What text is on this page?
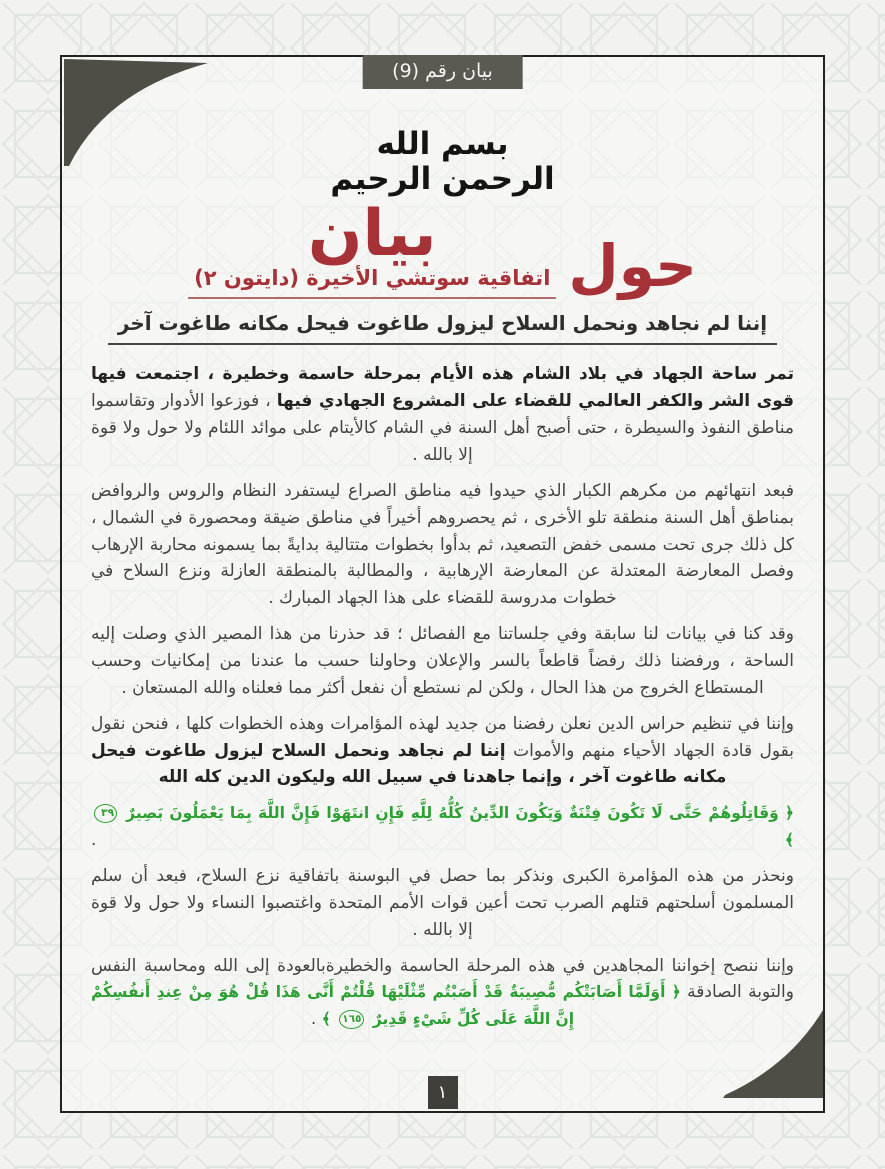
بيان رقم (9)
بسم الله الرحمن الرحيم
حول
بيان
اتفاقية سوتشي الأخيرة (دايتون ٢)
إننا لم نجاهد ونحمل السلاح ليزول طاغوت فيحل مكانه طاغوت آخر

تمر ساحة الجهاد في بلاد الشام هذه الأيام بمرحلة حاسمة وخطيرة ، اجتمعت فيها قوى الشر والكفر العالمي للقضاء على المشروع الجهادي فيها ، فوزعوا الأدوار وتقاسموا مناطق النفوذ والسيطرة ، حتى أصبح أهل السنة في الشام كالأيتام على موائد اللئام ولا حول ولا قوة إلا بالله .

فبعد انتهائهم من مكرهم الكبار الذي حيدوا فيه مناطق الصراع ليستفرد النظام والروس والروافض بمناطق أهل السنة منطقة تلو الأخرى ، ثم يحصروهم أخيراً في مناطق ضيقة ومحصورة في الشمال ، كل ذلك جرى تحت مسمى خفض التصعيد، ثم بدأوا بخطوات متتالية بدايةً بما يسمونه محاربة الإرهاب وفصل المعارضة المعتدلة عن المعارضة الإرهابية ، والمطالبة بالمنطقة العازلة ونزع السلاح في خطوات مدروسة للقضاء على هذا الجهاد المبارك .

وقد كنا في بيانات لنا سابقة وفي جلساتنا مع الفصائل ؛ قد حذرنا من هذا المصير الذي وصلت إليه الساحة ، ورفضنا ذلك رفضاً قاطعاً بالسر والإعلان وحاولنا حسب ما عندنا من إمكانيات وحسب المستطاع الخروج من هذا الحال ، ولكن لم نستطع أن نفعل أكثر مما فعلناه والله المستعان .

وإننا في تنظيم حراس الدين نعلن رفضنا من جديد لهذه المؤامرات وهذه الخطوات كلها ، فنحن نقول بقول قادة الجهاد الأحياء منهم والأموات إننا لم نجاهد ونحمل السلاح ليزول طاغوت فيحل مكانه طاغوت آخر ، وإنما جاهدنا في سبيل الله وليكون الدين كله الله

﴿ وَقَاتِلُوهُمْ حَتَّى لَا تَكُونَ فِتْنَةٌ وَيَكُونَ الدِّينُ كُلُّهُ لِلَّهِ فَإِنِ انتَهَوْا فَإِنَّ اللَّهَ بِمَا يَعْمَلُونَ بَصِيرٌ ٣٩ ﴾ .

ونحذر من هذه المؤامرة الكبرى ونذكر بما حصل في البوسنة باتفاقية نزع السلاح، فبعد أن سلم المسلمون أسلحتهم قتلهم الصرب تحت أعين قوات الأمم المتحدة واغتصبوا النساء ولا حول ولا قوة إلا بالله .

وإننا ننصح إخواننا المجاهدين في هذه المرحلة الحاسمة والخطيرةبالعودة إلى الله ومحاسبة النفس والتوبة الصادقة ﴿ أَوَلَمَّا أَصَابَتْكُم مُّصِيبَةٌ قَدْ أَصَبْتُم مِّثْلَيْهَا قُلْتُمْ أَنَّى هَذَا قُلْ هُوَ مِنْ عِندِ أَنفُسِكُمْ إِنَّ اللَّهَ عَلَى كُلِّ شَيْءٍ قَدِيرٌ ١٦٥ ﴾ .

١
